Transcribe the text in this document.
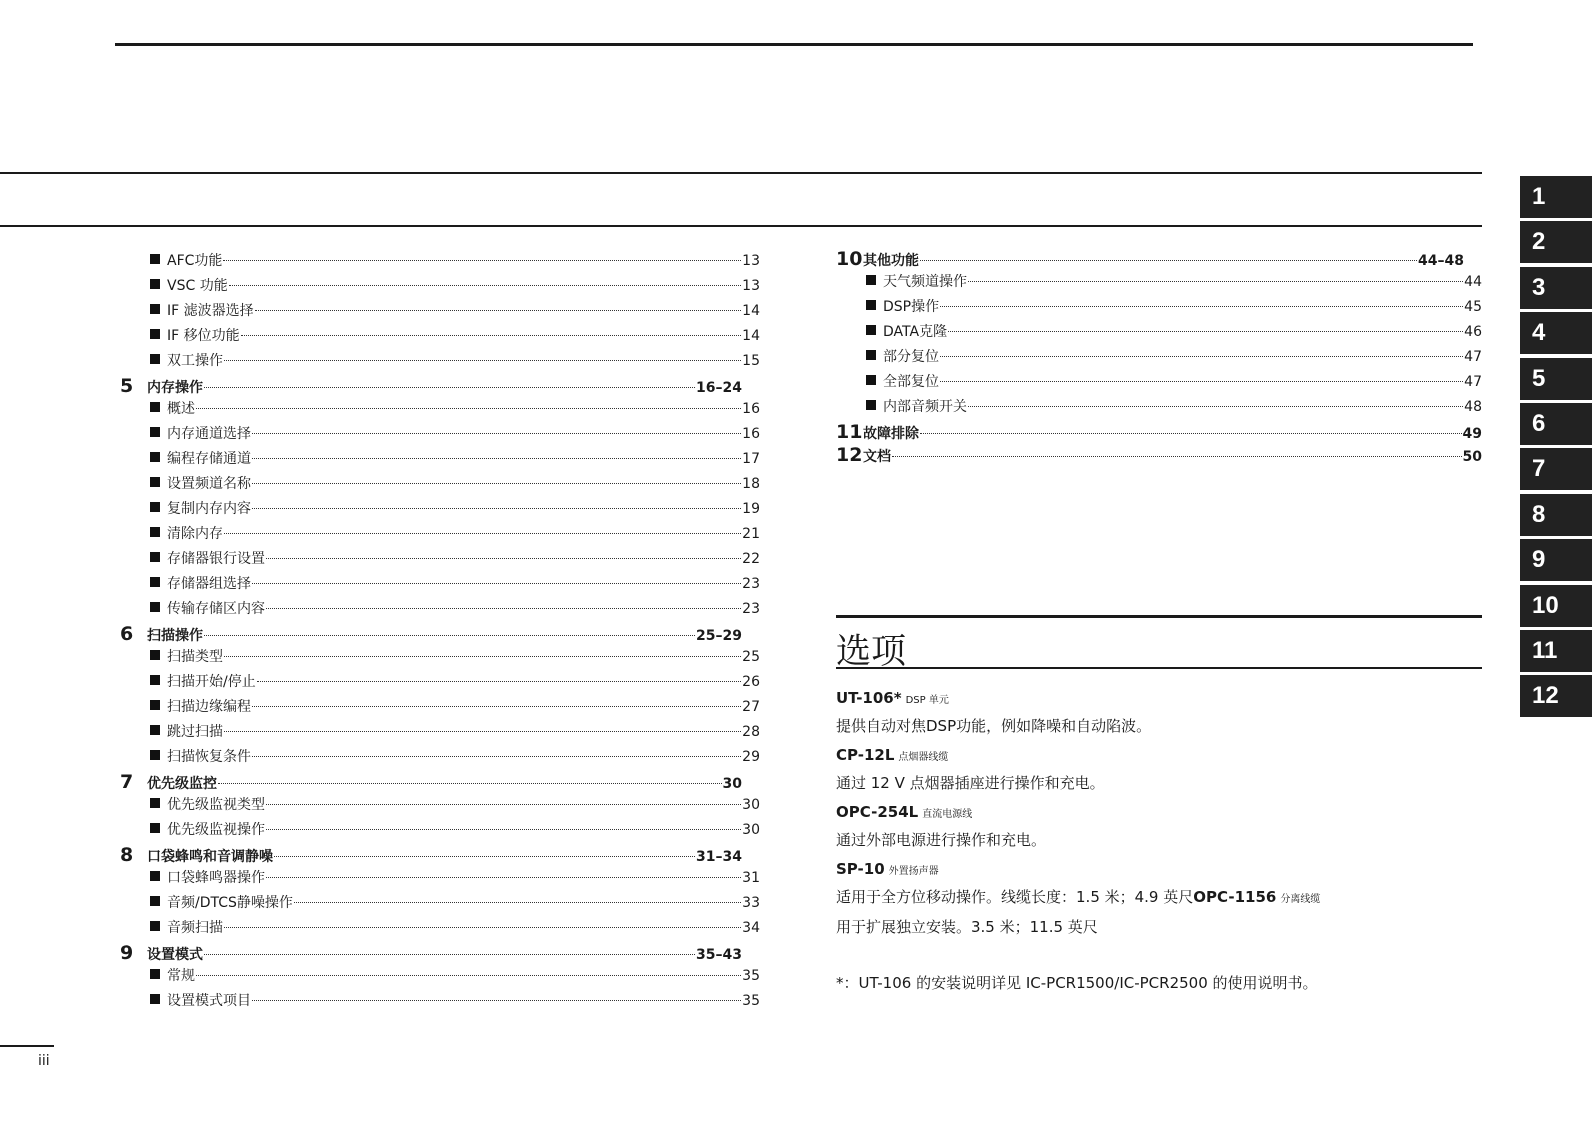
AFC功能	13
VSC 功能	13
IF 滤波器选择	14
IF 移位功能	14
双工操作	15
5 内存操作	16–24
概述	16
内存通道选择	16
编程存储通道	17
设置频道名称	18
复制内存内容	19
清除内存	21
存储器银行设置	22
存储器组选择	23
传输存储区内容	23
6 扫描操作	25–29
扫描类型	25
扫描开始/停止	26
扫描边缘编程	27
跳过扫描	28
扫描恢复条件	29
7 优先级监控	30
优先级监视类型	30
优先级监视操作	30
8 口袋蜂鸣和音调静噪	31–34
口袋蜂鸣器操作	31
音频/DTCS静噪操作	33
音频扫描	34
9 设置模式	35–43
常规	35
设置模式项目	35
10 其他功能	44–48
天气频道操作	44
DSP操作	45
DATA克隆	46
部分复位	47
全部复位	47
内部音频开关	48
11 故障排除	49
12 文档	50
1
2
3
4
5
6
7
8
9
10
11
12
选项
UT-106* DSP 单元
提供自动对焦DSP功能，例如降噪和自动陷波。
CP-12L 点烟器线缆
通过 12 V 点烟器插座进行操作和充电。
OPC-254L 直流电源线
通过外部电源进行操作和充电。
SP-10 外置扬声器
适用于全方位移动操作。线缆长度：1.5 米；4.9 英尺OPC-1156 分离线缆
用于扩展独立安装。3.5 米；11.5 英尺
*：UT-106 的安装说明详见 IC-PCR1500/IC-PCR2500 的使用说明书。
iii
